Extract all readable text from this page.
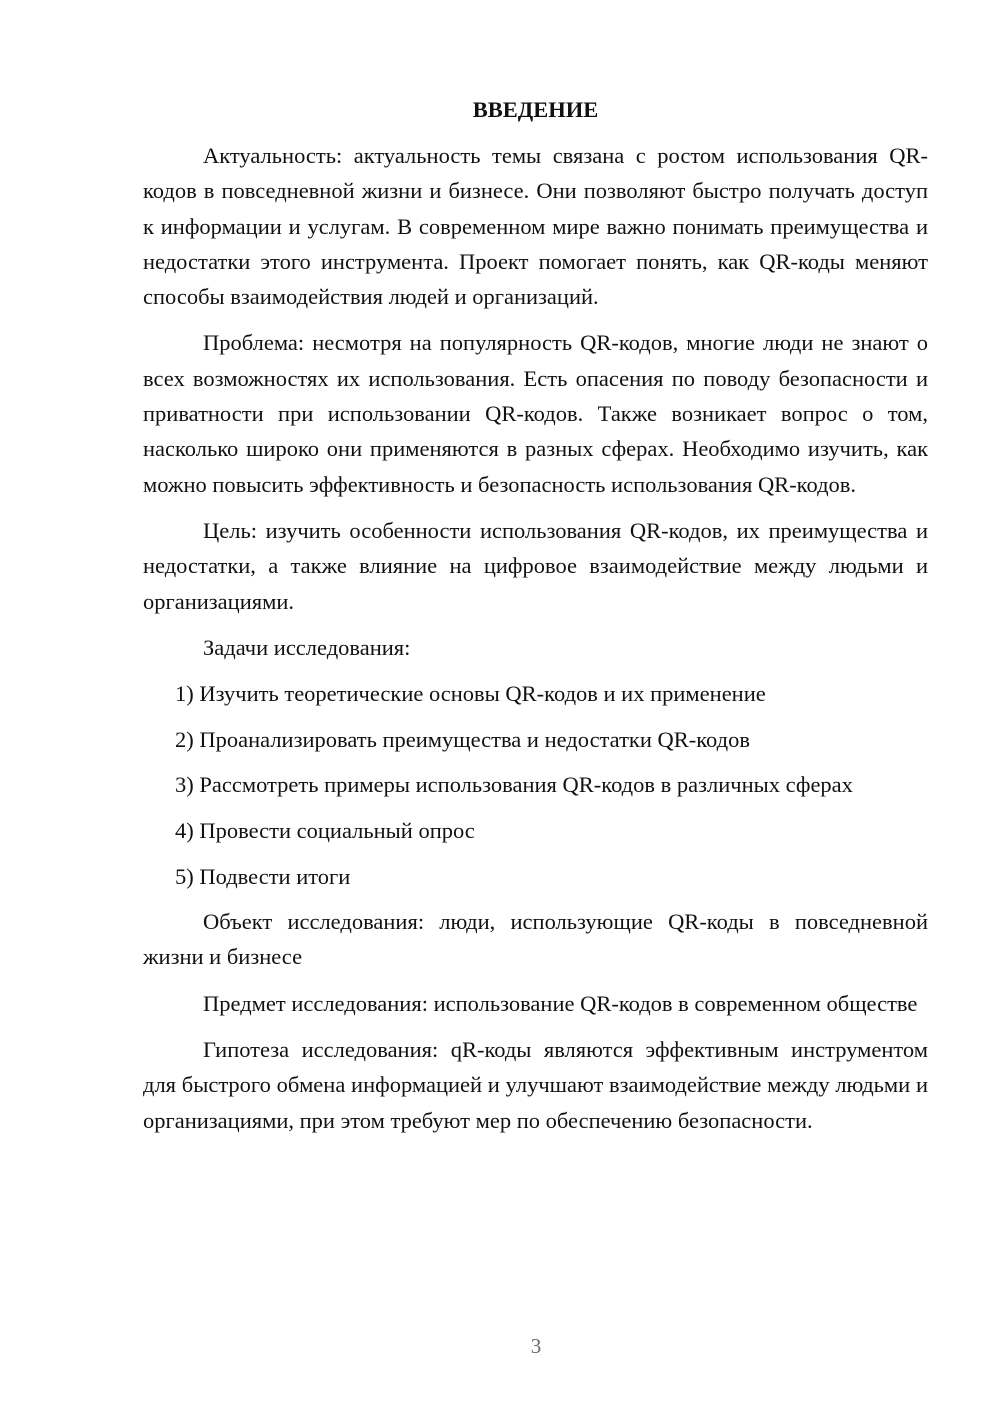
ВВЕДЕНИЕ

Актуальность: актуальность темы связана с ростом использования QR-кодов в повседневной жизни и бизнесе. Они позволяют быстро получать доступ к информации и услугам. В современном мире важно понимать преимущества и недостатки этого инструмента. Проект помогает понять, как QR-коды меняют способы взаимодействия людей и организаций.

Проблема: несмотря на популярность QR-кодов, многие люди не знают о всех возможностях их использования. Есть опасения по поводу безопасности и приватности при использовании QR-кодов. Также возникает вопрос о том, насколько широко они применяются в разных сферах. Необходимо изучить, как можно повысить эффективность и безопасность использования QR-кодов.

Цель: изучить особенности использования QR-кодов, их преимущества и недостатки, а также влияние на цифровое взаимодействие между людьми и организациями.

Задачи исследования:

1) Изучить теоретические основы QR-кодов и их применение
2) Проанализировать преимущества и недостатки QR-кодов
3) Рассмотреть примеры использования QR-кодов в различных сферах
4) Провести социальный опрос
5) Подвести итоги

Объект исследования: люди, использующие QR-коды в повседневной жизни и бизнесе

Предмет исследования: использование QR-кодов в современном обществе

Гипотеза исследования: qR-коды являются эффективным инструментом для быстрого обмена информацией и улучшают взаимодействие между людьми и организациями, при этом требуют мер по обеспечению безопасности.

3
